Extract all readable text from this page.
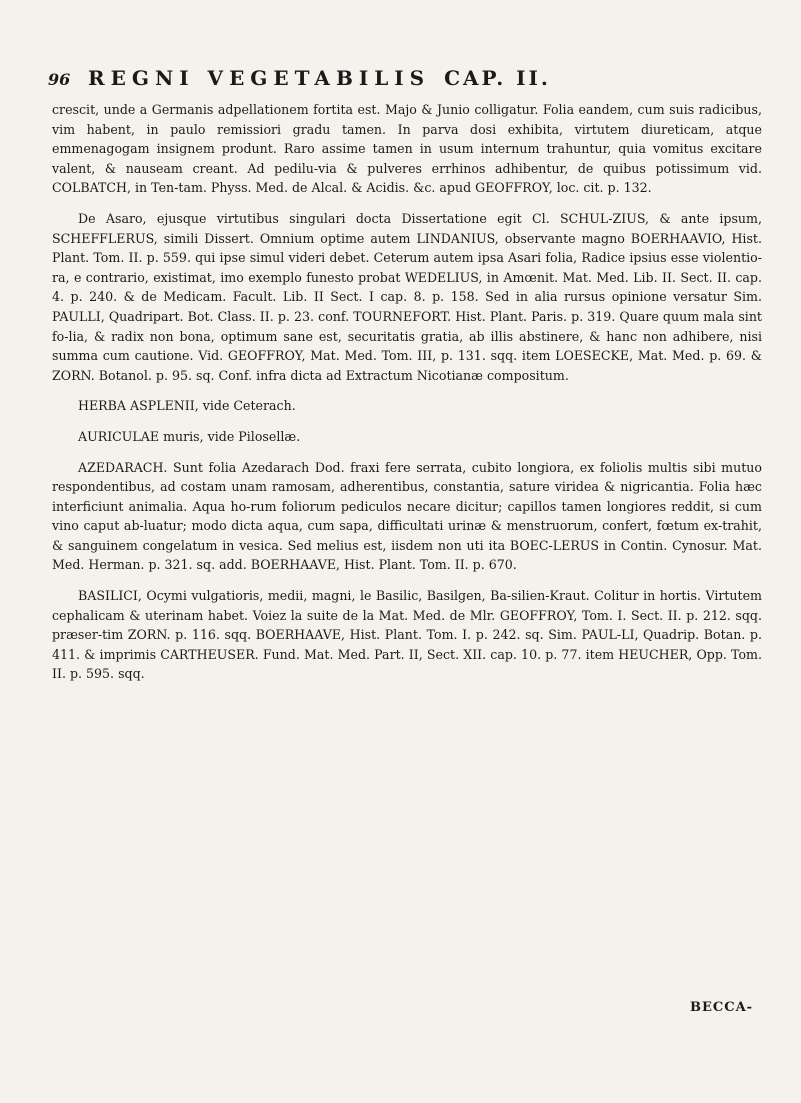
96 REGNI VEGETABILIS CAP. II.

crescit, unde a Germanis adpellationem fortita est. Majo & Junio colligatur. Folia eandem, cum suis radicibus, vim habent, in paulo remissiori gradu tamen. In parva dosi exhibita, virtutem diureticam, atque emmenagogam insignem produnt. Raro assime tamen in usum internum trahuntur, quia vomitus excitare valent, & nauseam creant. Ad pedilu-via & pulveres errhinos adhibentur, de quibus potissimum vid. COLBATCH, in Ten-tam. Physs. Med. de Alcal. & Acidis. &c. apud GEOFFROY, loc. cit. p. 132.

De Asaro, ejusque virtutibus singulari docta Dissertatione egit Cl. SCHUL-ZIUS, & ante ipsum, SCHEFFLERUS, simili Dissert. Omnium optime autem LINDANIUS, observante magno BOERHAAVIO, Hist. Plant. Tom. II. p. 559. qui ipse simul videri debet. Ceterum autem ipsa Asari folia, Radice ipsius esse violentio-ra, e contrario, existimat, imo exemplo funesto probat WEDELIUS, in Amœnit. Mat. Med. Lib. II. Sect. II. cap. 4. p. 240. & de Medicam. Facult. Lib. II Sect. I cap. 8. p. 158. Sed in alia rursus opinione versatur Sim. PAULLI, Quadripart. Bot. Class. II. p. 23. conf. TOURNEFORT. Hist. Plant. Paris. p. 319. Quare quum mala sint fo-lia, & radix non bona, optimum sane est, securitatis gratia, ab illis abstinere, & hanc non adhibere, nisi summa cum cautione. Vid. GEOFFROY, Mat. Med. Tom. III, p. 131. sqq. item LOESECKE, Mat. Med. p. 69. & ZORN. Botanol. p. 95. sq. Conf. infra dicta ad Extractum Nicotianæ compositum.

HERBA ASPLENII, vide Ceterach.

AURICULAE muris, vide Pilosellæ.

AZEDARACH. Sunt folia Azedarach Dod. fraxi fere serrata, cubito longiora, ex foliolis multis sibi mutuo respondentibus, ad costam unam ramosam, adherentibus, constantia, sature viridea & nigricantia. Folia hæc interficiunt animalia. Aqua ho-rum foliorum pediculos necare dicitur; capillos tamen longiores reddit, si cum vino caput ab-luatur; modo dicta aqua, cum sapa, difficultati urinæ & menstruorum, confert, fœtum ex-trahit, & sanguinem congelatum in vesica. Sed melius est, iisdem non uti ita BOEC-LERUS in Contin. Cynosur. Mat. Med. Herman. p. 321. sq. add. BOERHAAVE, Hist. Plant. Tom. II. p. 670.

BASILICI, Ocymi vulgatioris, medii, magni, le Basilic, Basilgen, Ba-silien-Kraut. Colitur in hortis. Virtutem cephalicam & uterinam habet. Voiez la suite de la Mat. Med. de Mlr. GEOFFROY, Tom. I. Sect. II. p. 212. sqq. præser-tim ZORN. p. 116. sqq. BOERHAAVE, Hist. Plant. Tom. I. p. 242. sq. Sim. PAUL-LI, Quadrip. Botan. p. 411. & imprimis CARTHEUSER. Fund. Mat. Med. Part. II, Sect. XII. cap. 10. p. 77. item HEUCHER, Opp. Tom. II. p. 595. sqq.

BECCA-
